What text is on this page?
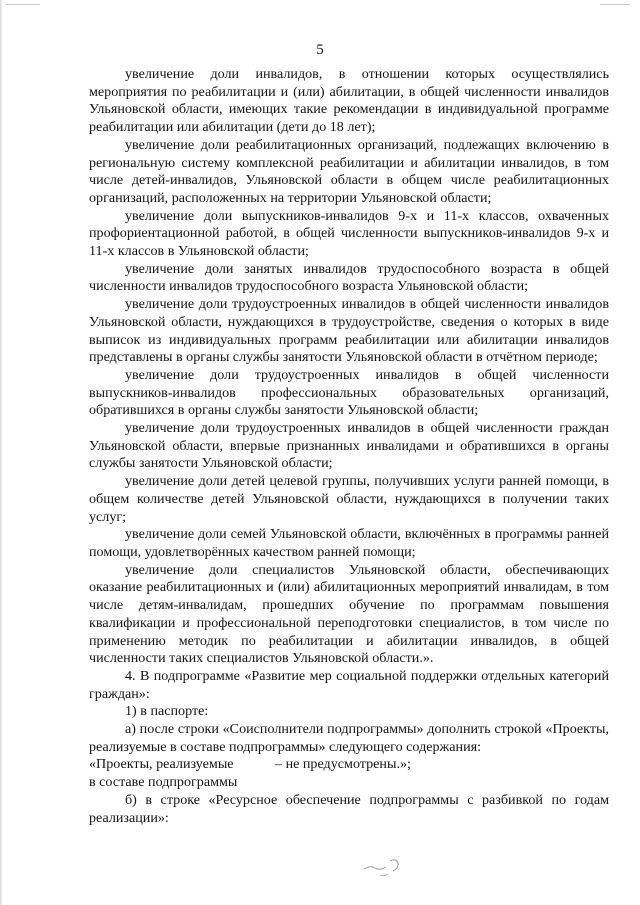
5

увеличение доли инвалидов, в отношении которых осуществлялись мероприятия по реабилитации и (или) абилитации, в общей численности инвалидов Ульяновской области, имеющих такие рекомендации в индивидуальной программе реабилитации или абилитации (дети до 18 лет);

увеличение доли реабилитационных организаций, подлежащих включению в региональную систему комплексной реабилитации и абилитации инвалидов, в том числе детей-инвалидов, Ульяновской области в общем числе реабилитационных организаций, расположенных на территории Ульяновской области;

увеличение доли выпускников-инвалидов 9-х и 11-х классов, охваченных профориентационной работой, в общей численности выпускников-инвалидов 9-х и 11-х классов в Ульяновской области;

увеличение доли занятых инвалидов трудоспособного возраста в общей численности инвалидов трудоспособного возраста Ульяновской области;

увеличение доли трудоустроенных инвалидов в общей численности инвалидов Ульяновской области, нуждающихся в трудоустройстве, сведения о которых в виде выписок из индивидуальных программ реабилитации или абилитации инвалидов представлены в органы службы занятости Ульяновской области в отчётном периоде;

увеличение доли трудоустроенных инвалидов в общей численности выпускников-инвалидов профессиональных образовательных организаций, обратившихся в органы службы занятости Ульяновской области;

увеличение доли трудоустроенных инвалидов в общей численности граждан Ульяновской области, впервые признанных инвалидами и обратившихся в органы службы занятости Ульяновской области;

увеличение доли детей целевой группы, получивших услуги ранней помощи, в общем количестве детей Ульяновской области, нуждающихся в получении таких услуг;

увеличение доли семей Ульяновской области, включённых в программы ранней помощи, удовлетворённых качеством ранней помощи;

увеличение доли специалистов Ульяновской области, обеспечивающих оказание реабилитационных и (или) абилитационных мероприятий инвалидам, в том числе детям-инвалидам, прошедших обучение по программам повышения квалификации и профессиональной переподготовки специалистов, в том числе по применению методик по реабилитации и абилитации инвалидов, в общей численности таких специалистов Ульяновской области.».

4. В подпрограмме «Развитие мер социальной поддержки отдельных категорий граждан»:

1) в паспорте:

а) после строки «Соисполнители подпрограммы» дополнить строкой «Проекты, реализуемые в составе подпрограммы» следующего содержания:

«Проекты, реализуемые	– не предусмотрены.»;
в составе подпрограммы

б) в строке «Ресурсное обеспечение подпрограммы с разбивкой по годам реализации»:
